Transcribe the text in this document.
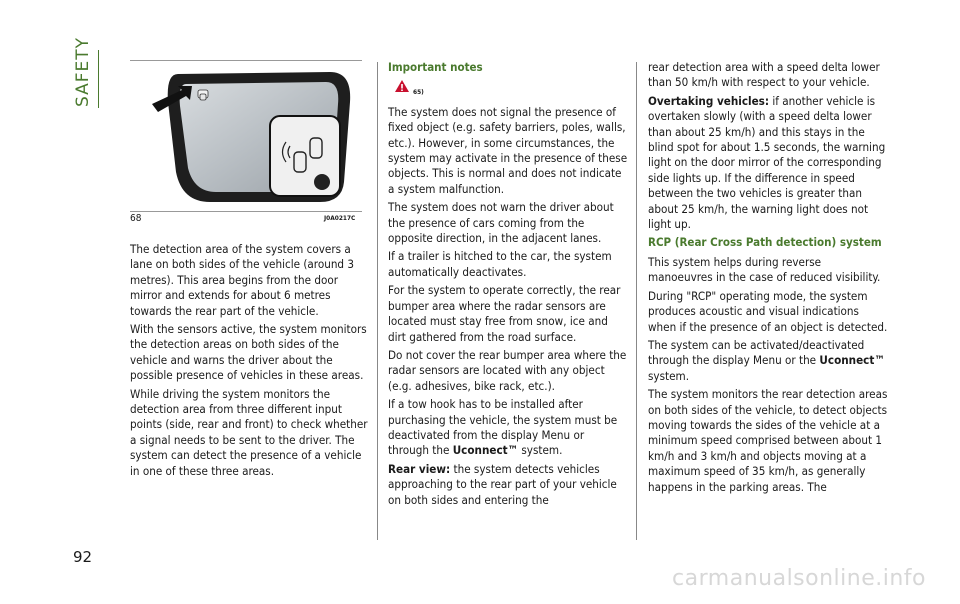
SAFETY
68	J0A0217C

The detection area of the system covers a lane on both sides of the vehicle (around 3 metres). This area begins from the door mirror and extends for about 6 metres towards the rear part of the vehicle.

With the sensors active, the system monitors the detection areas on both sides of the vehicle and warns the driver about the possible presence of vehicles in these areas.

While driving the system monitors the detection area from three different input points (side, rear and front) to check whether a signal needs to be sent to the driver. The system can detect the presence of a vehicle in one of these three areas.

Important notes

65)

The system does not signal the presence of fixed object (e.g. safety barriers, poles, walls, etc.). However, in some circumstances, the system may activate in the presence of these objects. This is normal and does not indicate a system malfunction.

The system does not warn the driver about the presence of cars coming from the opposite direction, in the adjacent lanes.

If a trailer is hitched to the car, the system automatically deactivates.

For the system to operate correctly, the rear bumper area where the radar sensors are located must stay free from snow, ice and dirt gathered from the road surface.

Do not cover the rear bumper area where the radar sensors are located with any object (e.g. adhesives, bike rack, etc.).

If a tow hook has to be installed after purchasing the vehicle, the system must be deactivated from the display Menu or through the Uconnect™ system.

Rear view: the system detects vehicles approaching to the rear part of your vehicle on both sides and entering the

rear detection area with a speed delta lower than 50 km/h with respect to your vehicle.

Overtaking vehicles: if another vehicle is overtaken slowly (with a speed delta lower than about 25 km/h) and this stays in the blind spot for about 1.5 seconds, the warning light on the door mirror of the corresponding side lights up. If the difference in speed between the two vehicles is greater than about 25 km/h, the warning light does not light up.

RCP (Rear Cross Path detection) system

This system helps during reverse manoeuvres in the case of reduced visibility.

During "RCP" operating mode, the system produces acoustic and visual indications when if the presence of an object is detected.

The system can be activated/deactivated through the display Menu or the Uconnect™ system.

The system monitors the rear detection areas on both sides of the vehicle, to detect objects moving towards the sides of the vehicle at a minimum speed comprised between about 1 km/h and 3 km/h and objects moving at a maximum speed of 35 km/h, as generally happens in the parking areas. The

92
carmanualsonline.info
